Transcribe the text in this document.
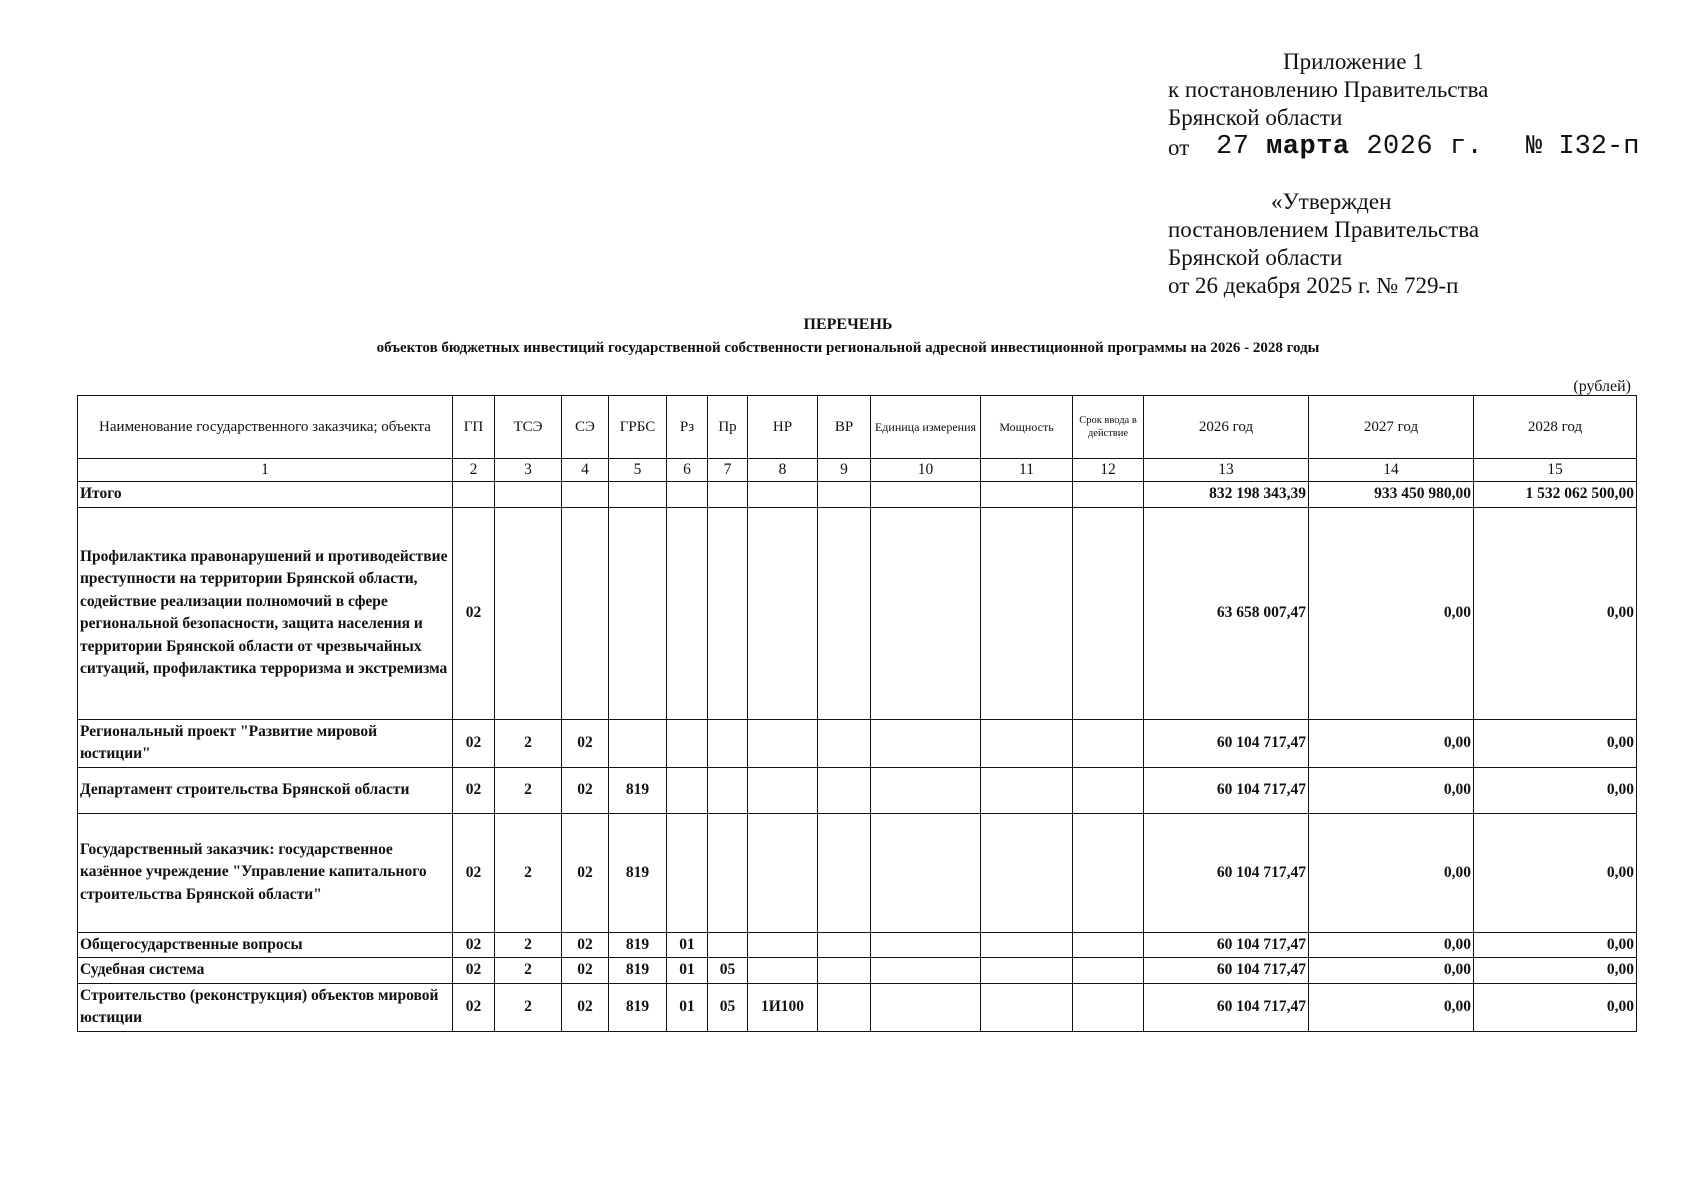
Приложение 1
к постановлению Правительства
Брянской области
от 27 марта 2026 г. № I32-п
«Утвержден
постановлением Правительства
Брянской области
от 26 декабря 2025 г. № 729-п
ПЕРЕЧЕНЬ
объектов бюджетных инвестиций государственной собственности региональной адресной инвестиционной программы на 2026 - 2028 годы
(рублей)
Наименование государственного заказчика; объекта	ГП	ТСЭ	СЭ	ГРБС	Рз	Пр	НР	ВР	Единица измерения	Мощность	Срок ввода в действие	2026 год	2027 год	2028 год
1	2	3	4	5	6	7	8	9	10	11	12	13	14	15
Итого												832 198 343,39	933 450 980,00	1 532 062 500,00
Профилактика правонарушений и противодействие преступности на территории Брянской области, содействие реализации полномочий в сфере региональной безопасности, защита населения и территории Брянской области от чрезвычайных ситуаций, профилактика терроризма и экстремизма	02											63 658 007,47	0,00	0,00
Региональный проект "Развитие мировой юстиции"	02	2	02									60 104 717,47	0,00	0,00
Департамент строительства Брянской области	02	2	02	819								60 104 717,47	0,00	0,00
Государственный заказчик: государственное казённое учреждение "Управление капитального строительства Брянской области"	02	2	02	819								60 104 717,47	0,00	0,00
Общегосударственные вопросы	02	2	02	819	01							60 104 717,47	0,00	0,00
Судебная система	02	2	02	819	01	05						60 104 717,47	0,00	0,00
Строительство (реконструкция) объектов мировой юстиции	02	2	02	819	01	05	1И100					60 104 717,47	0,00	0,00
